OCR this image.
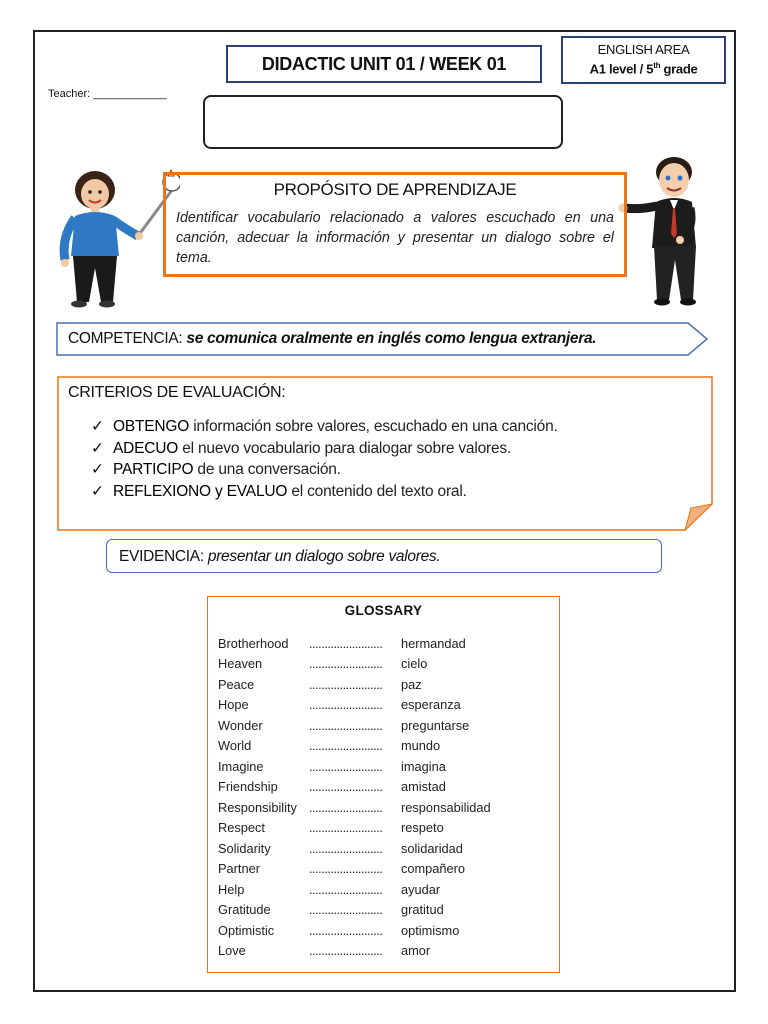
DIDACTIC UNIT 01 / WEEK 01
ENGLISH AREA
A1 level / 5th grade
Teacher: ____________
PROPÓSITO DE APRENDIZAJE
Identificar vocabulario relacionado a valores escuchado en una canción, adecuar la información y presentar un dialogo sobre el tema.
COMPETENCIA: se comunica oralmente en inglés como lengua extranjera.
CRITERIOS DE EVALUACIÓN:
✓ OBTENGO información sobre valores, escuchado en una canción.
✓ ADECUO el nuevo vocabulario para dialogar sobre valores.
✓ PARTICIPO de una conversación.
✓ REFLEXIONO y EVALUO el contenido del texto oral.
EVIDENCIA: presentar un dialogo sobre valores.
GLOSSARY
Brotherhood	........................	hermandad
Heaven	........................	cielo
Peace	........................	paz
Hope	........................	esperanza
Wonder	........................	preguntarse
World	........................	mundo
Imagine	........................	imagina
Friendship	........................	amistad
Responsibility ........................	responsabilidad
Respect	........................	respeto
Solidarity	........................	solidaridad
Partner	........................	compañero
Help	........................	ayudar
Gratitude	........................	gratitud
Optimistic	........................	optimismo
Love	........................	amor
